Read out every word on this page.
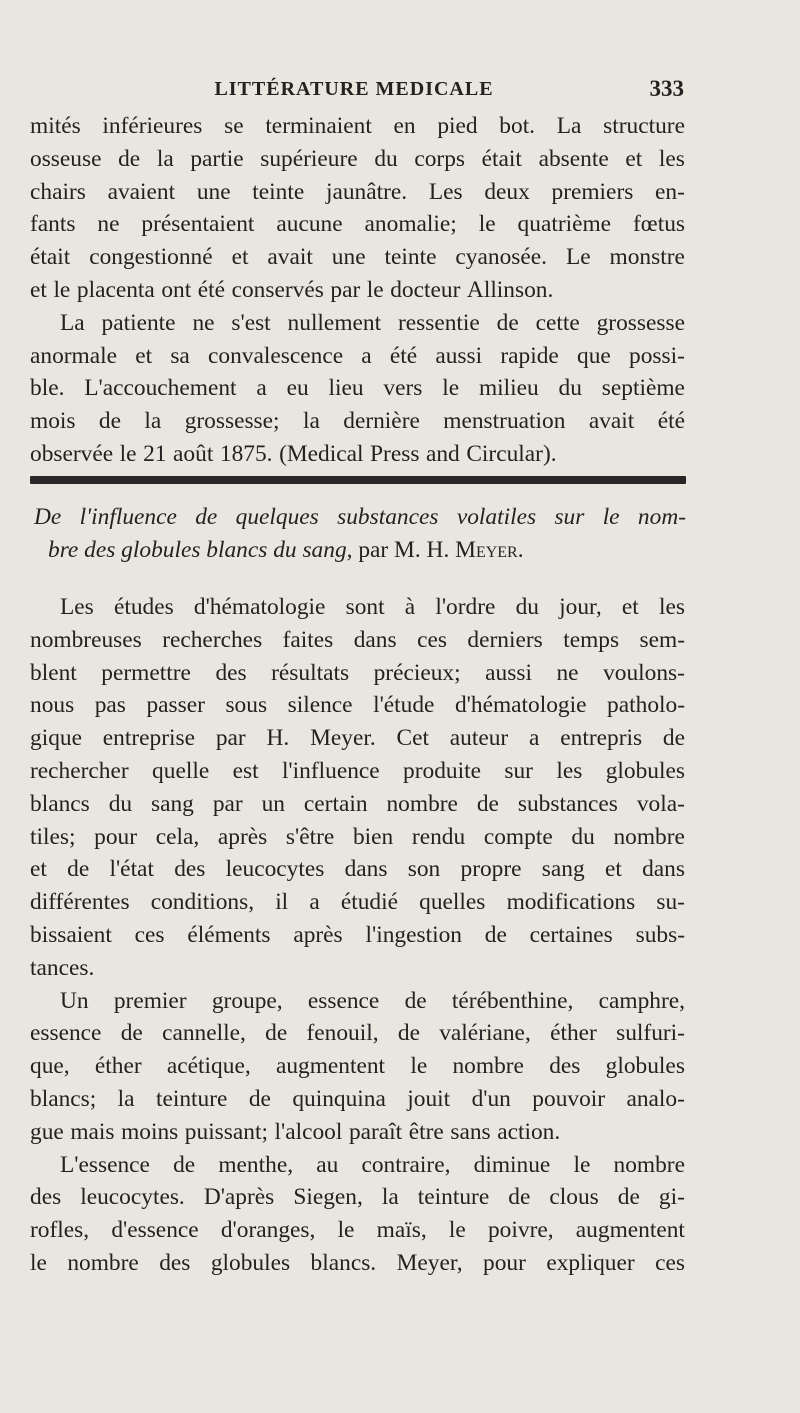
LITTÉRATURE MEDICALE	333
mités inférieures se terminaient en pied bot. La structure
osseuse de la partie supérieure du corps était absente et les
chairs avaient une teinte jaunâtre. Les deux premiers en-
fants ne présentaient aucune anomalie; le quatrième fœtus
était congestionné et avait une teinte cyanosée. Le monstre
et le placenta ont été conservés par le docteur Allinson.
La patiente ne s'est nullement ressentie de cette grossesse
anormale et sa convalescence a été aussi rapide que possi-
ble. L'accouchement a eu lieu vers le milieu du septième
mois de la grossesse; la dernière menstruation avait été
observée le 21 août 1875. (Medical Press and Circular).
De l'influence de quelques substances volatiles sur le nom-
bre des globules blancs du sang, par M. H. Meyer.
Les études d'hématologie sont à l'ordre du jour, et les
nombreuses recherches faites dans ces derniers temps sem-
blent permettre des résultats précieux; aussi ne voulons-
nous pas passer sous silence l'étude d'hématologie patholo-
gique entreprise par H. Meyer. Cet auteur a entrepris de
rechercher quelle est l'influence produite sur les globules
blancs du sang par un certain nombre de substances vola-
tiles; pour cela, après s'être bien rendu compte du nombre
et de l'état des leucocytes dans son propre sang et dans
différentes conditions, il a étudié quelles modifications su-
bissaient ces éléments après l'ingestion de certaines subs-
tances.
Un premier groupe, essence de térébenthine, camphre,
essence de cannelle, de fenouil, de valériane, éther sulfuri-
que, éther acétique, augmentent le nombre des globules
blancs; la teinture de quinquina jouit d'un pouvoir analo-
gue mais moins puissant; l'alcool paraît être sans action.
L'essence de menthe, au contraire, diminue le nombre
des leucocytes. D'après Siegen, la teinture de clous de gi-
rofles, d'essence d'oranges, le maïs, le poivre, augmentent
le nombre des globules blancs. Meyer, pour expliquer ces
